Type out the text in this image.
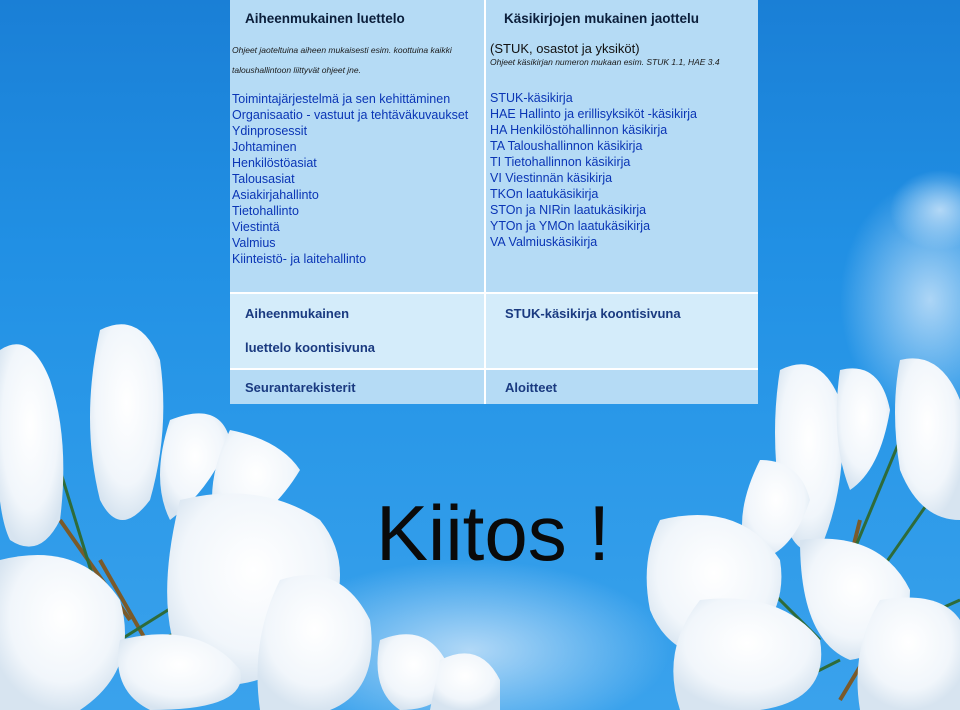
Aiheenmukainen luettelo
Ohjeet jaoteltuina aiheen mukaisesti esim. koottuina kaikki
taloushallintoon liittyvät ohjeet jne.
Toimintajärjestelmä ja sen kehittäminen
Organisaatio - vastuut ja tehtäväkuvaukset
Ydinprosessit
Johtaminen
Henkilöstöasiat
Talousasiat
Asiakirjahallinto
Tietohallinto
Viestintä
Valmius
Kiinteistö- ja laitehallinto
Käsikirjojen mukainen jaottelu
(STUK, osastot ja yksiköt)
Ohjeet käsikirjan numeron mukaan esim. STUK 1.1, HAE 3.4
STUK-käsikirja
HAE Hallinto ja erillisyksiköt -käsikirja
HA Henkilöstöhallinnon käsikirja
TA Taloushallinnon käsikirja
TI Tietohallinnon käsikirja
VI Viestinnän käsikirja
TKOn laatukäsikirja
STOn ja NIRin laatukäsikirja
YTOn ja YMOn laatukäsikirja
VA Valmiuskäsikirja
Aiheenmukainen
luettelo koontisivuna
STUK-käsikirja koontisivuna
Seurantarekisterit	Aloitteet
Kiitos !
